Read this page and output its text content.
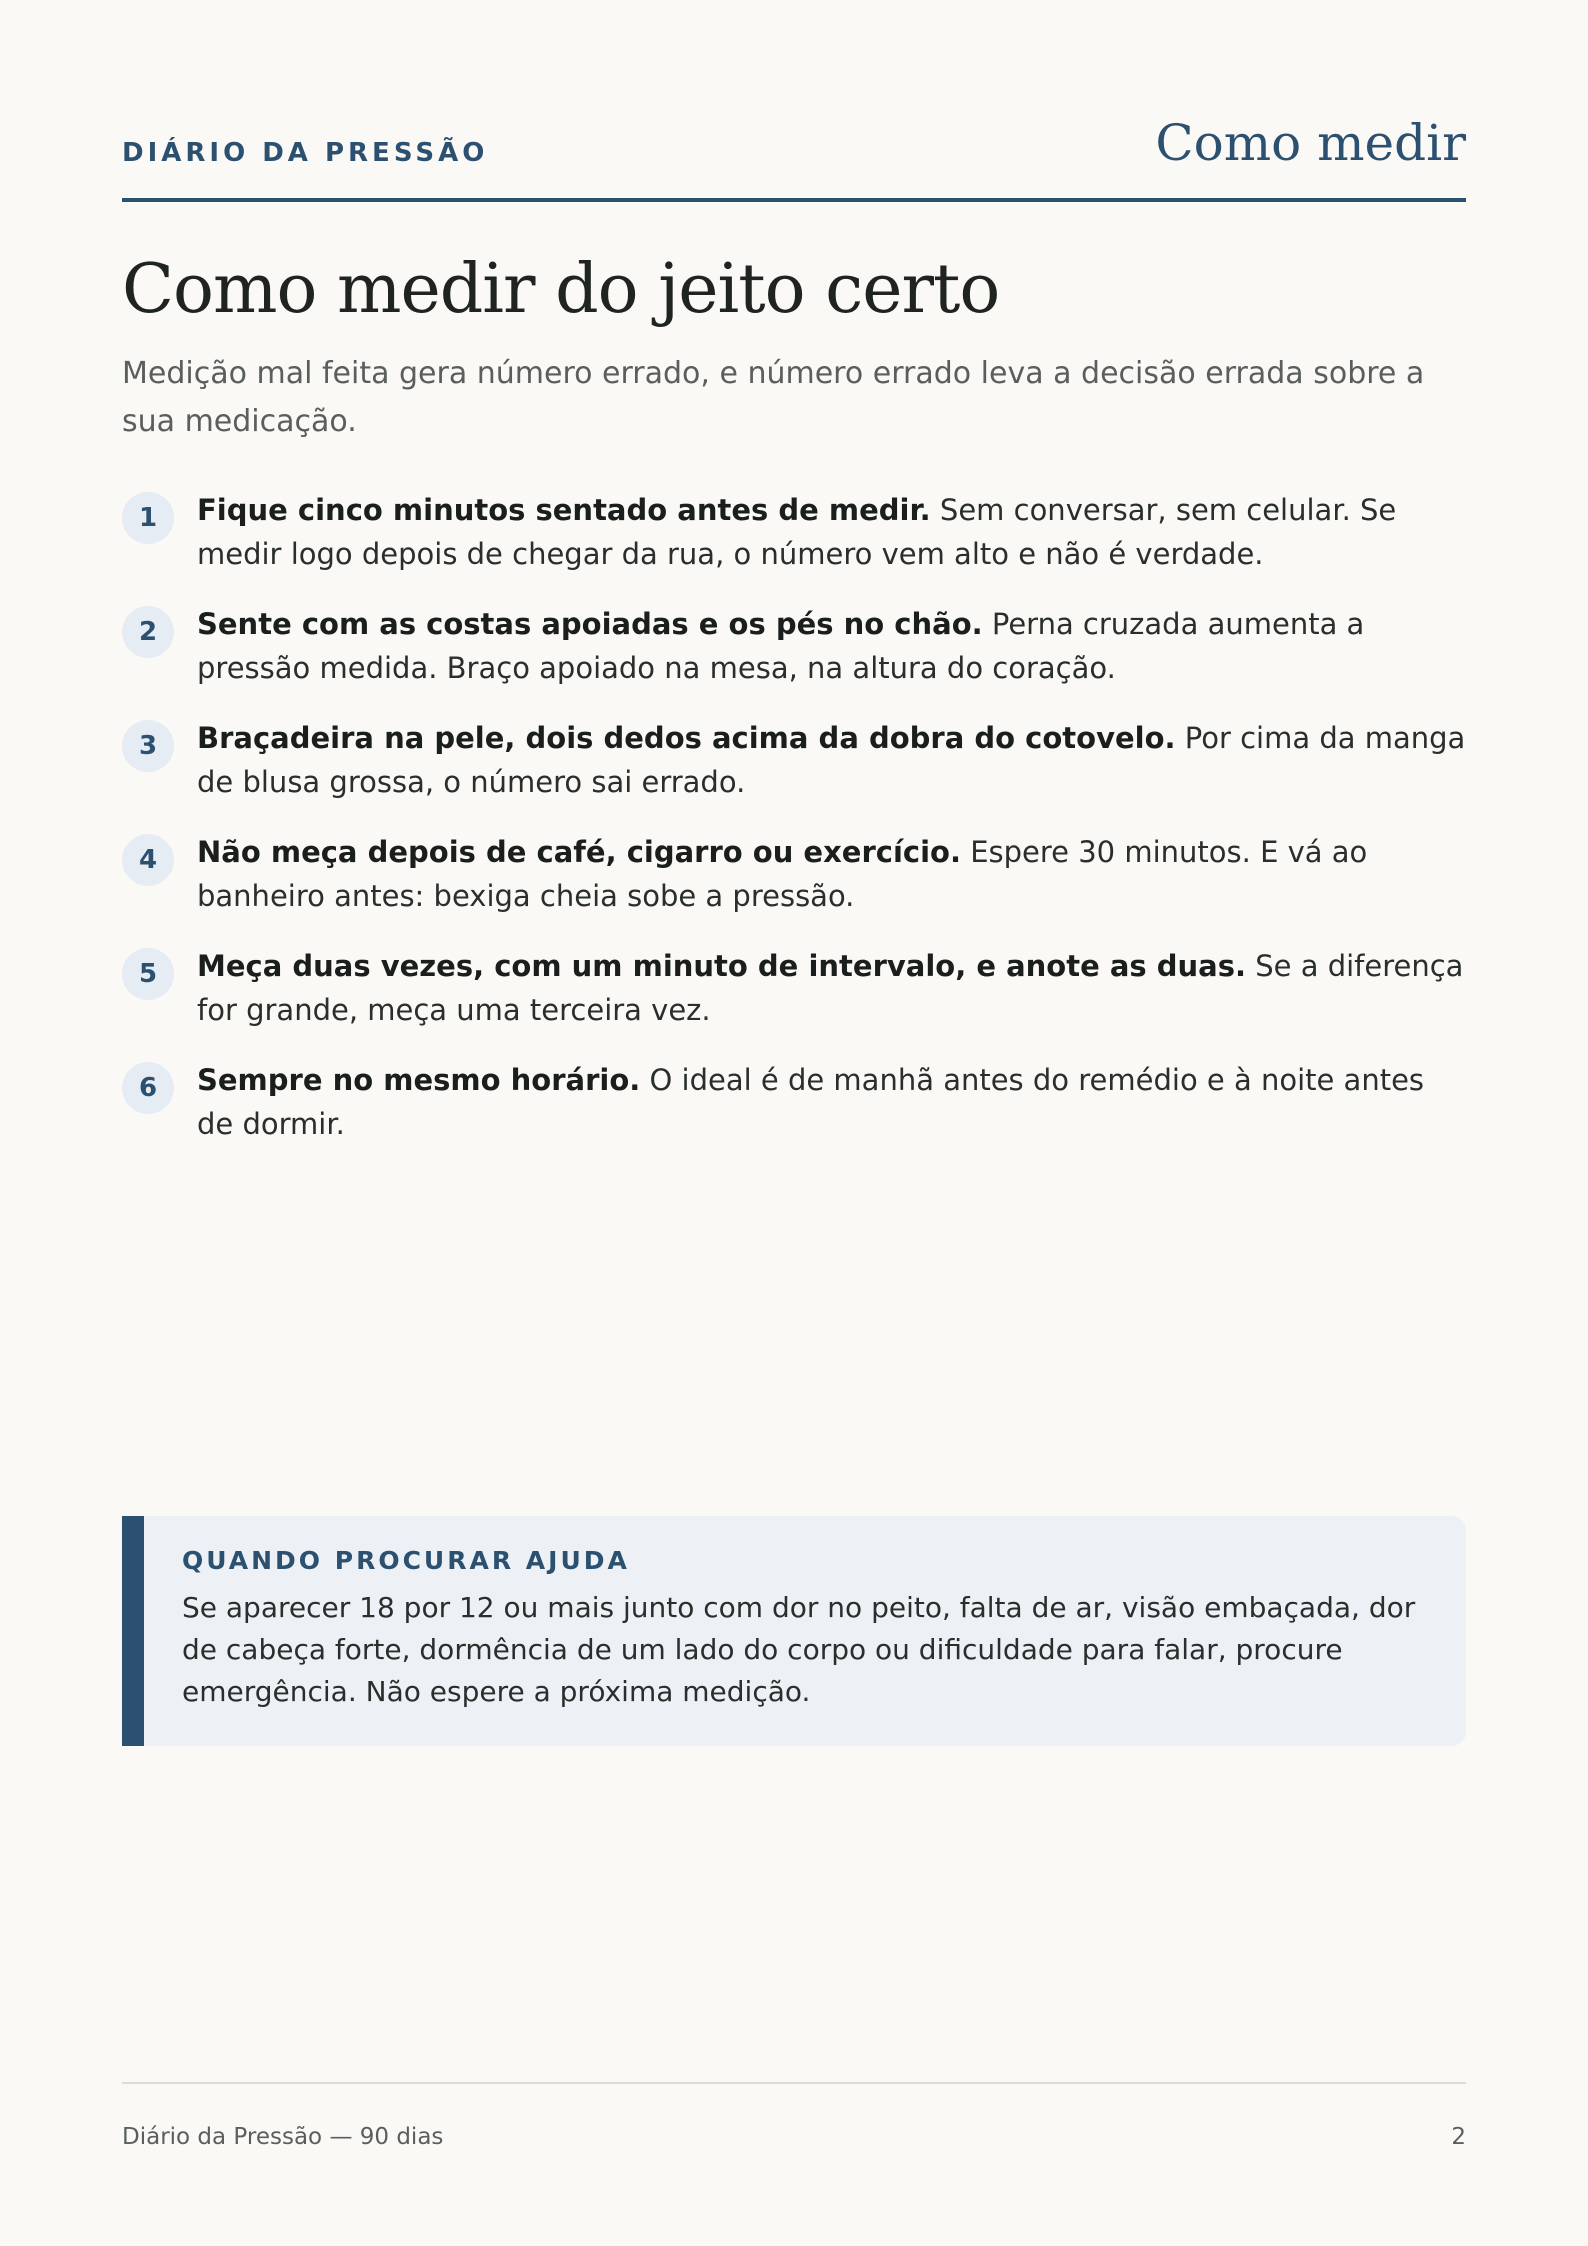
DIÁRIO DA PRESSÃO	Como medir
Como medir do jeito certo

Medição mal feita gera número errado, e número errado leva a decisão errada sobre a sua medicação.

1	Fique cinco minutos sentado antes de medir. Sem conversar, sem celular. Se medir logo depois de chegar da rua, o número vem alto e não é verdade.
2	Sente com as costas apoiadas e os pés no chão. Perna cruzada aumenta a pressão medida. Braço apoiado na mesa, na altura do coração.
3	Braçadeira na pele, dois dedos acima da dobra do cotovelo. Por cima da manga de blusa grossa, o número sai errado.
4	Não meça depois de café, cigarro ou exercício. Espere 30 minutos. E vá ao banheiro antes: bexiga cheia sobe a pressão.
5	Meça duas vezes, com um minuto de intervalo, e anote as duas. Se a diferença for grande, meça uma terceira vez.
6	Sempre no mesmo horário. O ideal é de manhã antes do remédio e à noite antes de dormir.

QUANDO PROCURAR AJUDA

Se aparecer 18 por 12 ou mais junto com dor no peito, falta de ar, visão embaçada, dor de cabeça forte, dormência de um lado do corpo ou dificuldade para falar, procure emergência. Não espere a próxima medição.

Diário da Pressão — 90 dias	2
